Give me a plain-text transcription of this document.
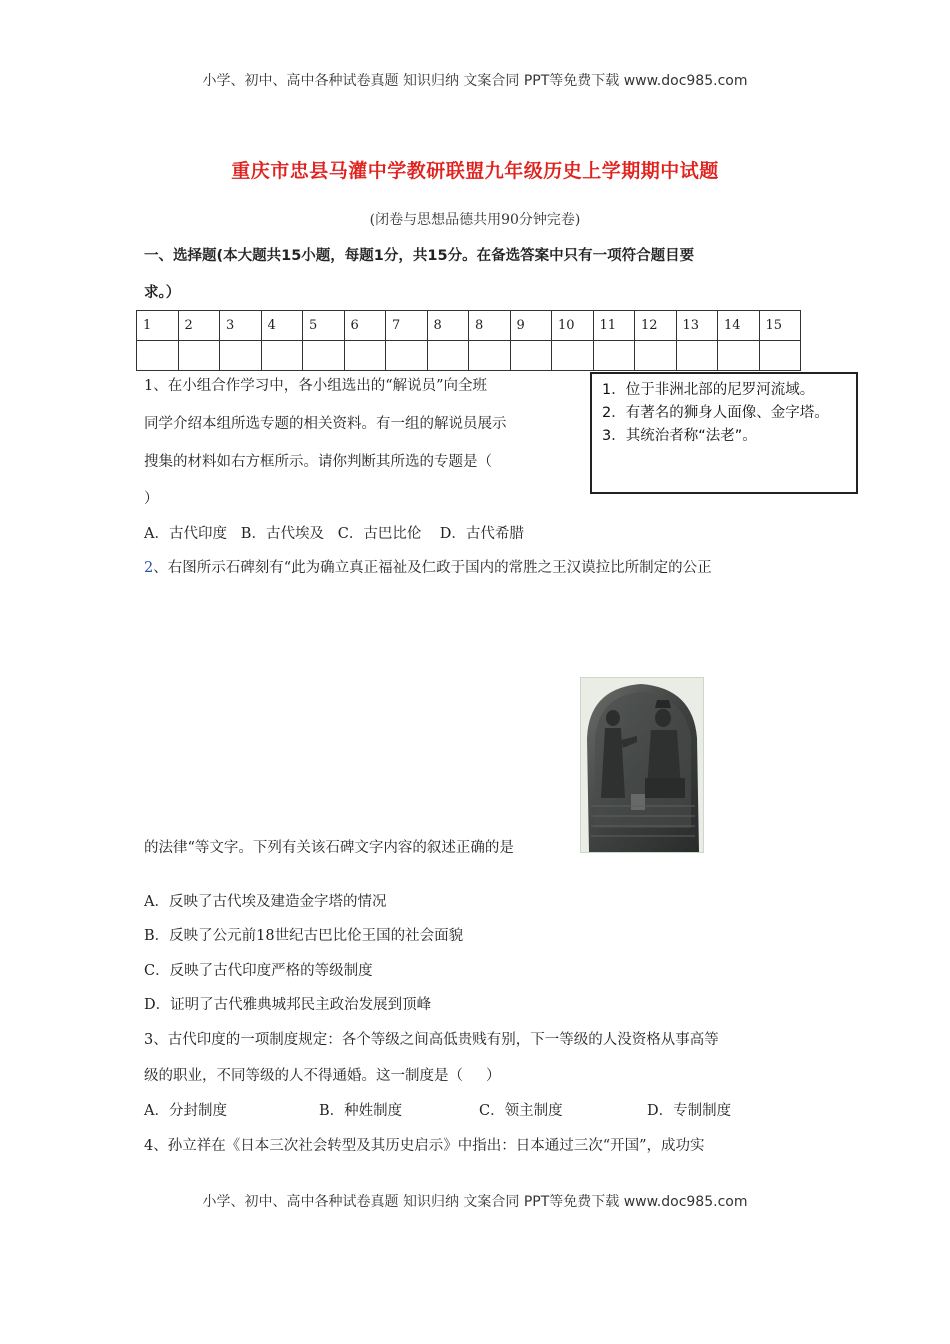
小学、初中、高中各种试卷真题 知识归纳 文案合同 PPT等免费下载 www.doc985.com
重庆市忠县马灌中学教研联盟九年级历史上学期期中试题
(闭卷与思想品德共用90分钟完卷)
一、选择题(本大题共15小题，每题1分，共15分。在备选答案中只有一项符合题目要
求。）
1	2	3	4	5	6	7	8	8	9	10	11	12	13	14	15

1、在小组合作学习中，各小组选出的“解说员”向全班
同学介绍本组所选专题的相关资料。有一组的解说员展示
搜集的材料如右方框所示。请你判断其所选的专题是（
）
1．位于非洲北部的尼罗河流域。
2．有著名的狮身人面像、金字塔。
3．其统治者称“法老”。
A．古代印度   B．古代埃及   C．古巴比伦    D．古代希腊
2、右图所示石碑刻有“此为确立真正福祉及仁政于国内的常胜之王汉谟拉比所制定的公正
的法律“等文字。下列有关该石碑文字内容的叙述正确的是
A．反映了古代埃及建造金字塔的情况
B．反映了公元前18世纪古巴比伦王国的社会面貌
C．反映了古代印度严格的等级制度
D．证明了古代雅典城邦民主政治发展到顶峰
3、古代印度的一项制度规定：各个等级之间高低贵贱有别，下一等级的人没资格从事高等
级的职业，不同等级的人不得通婚。这一制度是（     ）
A．分封制度	B．种姓制度	C．领主制度	D．专制制度
4、孙立祥在《日本三次社会转型及其历史启示》中指出：日本通过三次“开国”，成功实
小学、初中、高中各种试卷真题 知识归纳 文案合同 PPT等免费下载 www.doc985.com
